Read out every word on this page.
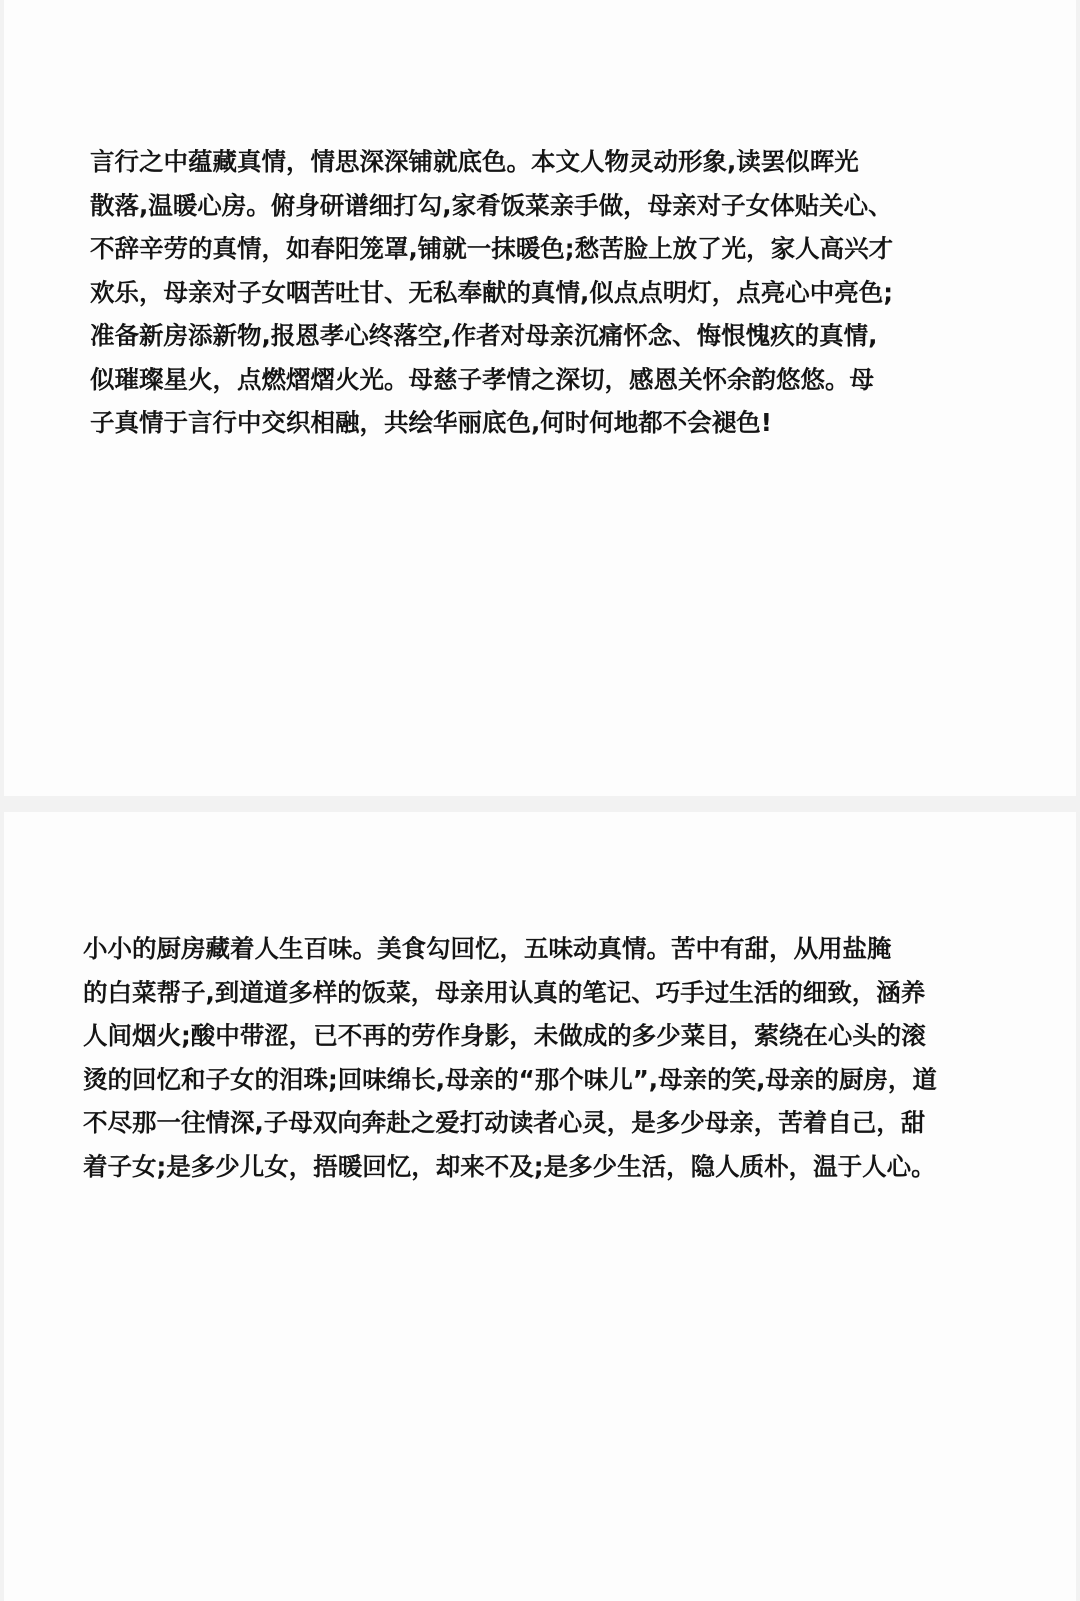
言行之中蕴藏真情，情思深深铺就底色。本文人物灵动形象,读罢似晖光
散落,温暖心房。俯身研谱细打勾,家肴饭菜亲手做，母亲对子女体贴关心、
不辞辛劳的真情，如春阳笼罩,铺就一抹暖色;愁苦脸上放了光，家人高兴才
欢乐，母亲对子女咽苦吐甘、无私奉献的真情,似点点明灯，点亮心中亮色;
准备新房添新物,报恩孝心终落空,作者对母亲沉痛怀念、悔恨愧疚的真情,
似璀璨星火，点燃熠熠火光。母慈子孝情之深切，感恩关怀余韵悠悠。母
子真情于言行中交织相融，共绘华丽底色,何时何地都不会褪色!
小小的厨房藏着人生百味。美食勾回忆，五味动真情。苦中有甜，从用盐腌
的白菜帮子,到道道多样的饭菜，母亲用认真的笔记、巧手过生活的细致，涵养
人间烟火;酸中带涩，已不再的劳作身影，未做成的多少菜目，萦绕在心头的滚
烫的回忆和子女的泪珠;回味绵长,母亲的“那个味儿”,母亲的笑,母亲的厨房，道
不尽那一往情深,子母双向奔赴之爱打动读者心灵，是多少母亲，苦着自己，甜
着子女;是多少儿女，捂暖回忆，却来不及;是多少生活，隐人质朴，温于人心。
